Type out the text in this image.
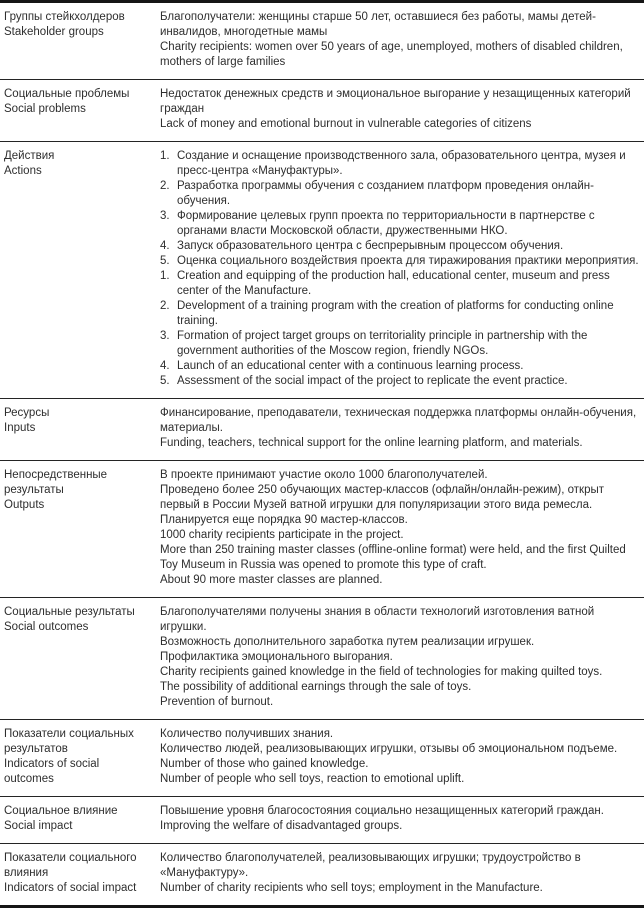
Группы стейкхолдеров
Stakeholder groups
Благополучатели: женщины старше 50 лет, оставшиеся без работы, мамы детей-инвалидов, многодетные мамы
Charity recipients: women over 50 years of age, unemployed, mothers of disabled children, mothers of large families
Социальные проблемы
Social problems
Недостаток денежных средств и эмоциональное выгорание у незащищенных категорий граждан
Lack of money and emotional burnout in vulnerable categories of citizens
Действия
Actions
1. Создание и оснащение производственного зала, образовательного центра, музея и пресс-центра «Мануфактуры».
2. Разработка программы обучения с созданием платформ проведения онлайн-обучения.
3. Формирование целевых групп проекта по территориальности в партнерстве с органами власти Московской области, дружественными НКО.
4. Запуск образовательного центра с беспрерывным процессом обучения.
5. Оценка социального воздействия проекта для тиражирования практики мероприятия.
1. Creation and equipping of the production hall, educational center, museum and press center of the Manufacture.
2. Development of a training program with the creation of platforms for conducting online training.
3. Formation of project target groups on territoriality principle in partnership with the government authorities of the Moscow region, friendly NGOs.
4. Launch of an educational center with a continuous learning process.
5. Assessment of the social impact of the project to replicate the event practice.
Ресурсы
Inputs
Финансирование, преподаватели, техническая поддержка платформы онлайн-обучения, материалы.
Funding, teachers, technical support for the online learning platform, and materials.
Непосредственные результаты
Outputs
В проекте принимают участие около 1000 благополучателей.
Проведено более 250 обучающих мастер-классов (офлайн/онлайн-режим), открыт первый в России Музей ватной игрушки для популяризации этого вида ремесла.
Планируется еще порядка 90 мастер-классов.
1000 charity recipients participate in the project.
More than 250 training master classes (offline-online format) were held, and the first Quilted Toy Museum in Russia was opened to promote this type of craft.
About 90 more master classes are planned.
Социальные результаты
Social outcomes
Благополучателями получены знания в области технологий изготовления ватной игрушки.
Возможность дополнительного заработка путем реализации игрушек.
Профилактика эмоционального выгорания.
Charity recipients gained knowledge in the field of technologies for making quilted toys.
The possibility of additional earnings through the sale of toys.
Prevention of burnout.
Показатели социальных результатов
Indicators of social outcomes
Количество получивших знания.
Количество людей, реализовывающих игрушки, отзывы об эмоциональном подъеме.
Number of those who gained knowledge.
Number of people who sell toys, reaction to emotional uplift.
Социальное влияние
Social impact
Повышение уровня благосостояния социально незащищенных категорий граждан.
Improving the welfare of disadvantaged groups.
Показатели социального влияния
Indicators of social impact
Количество благополучателей, реализовывающих игрушки; трудоустройство в «Мануфактуру».
Number of charity recipients who sell toys; employment in the Manufacture.
